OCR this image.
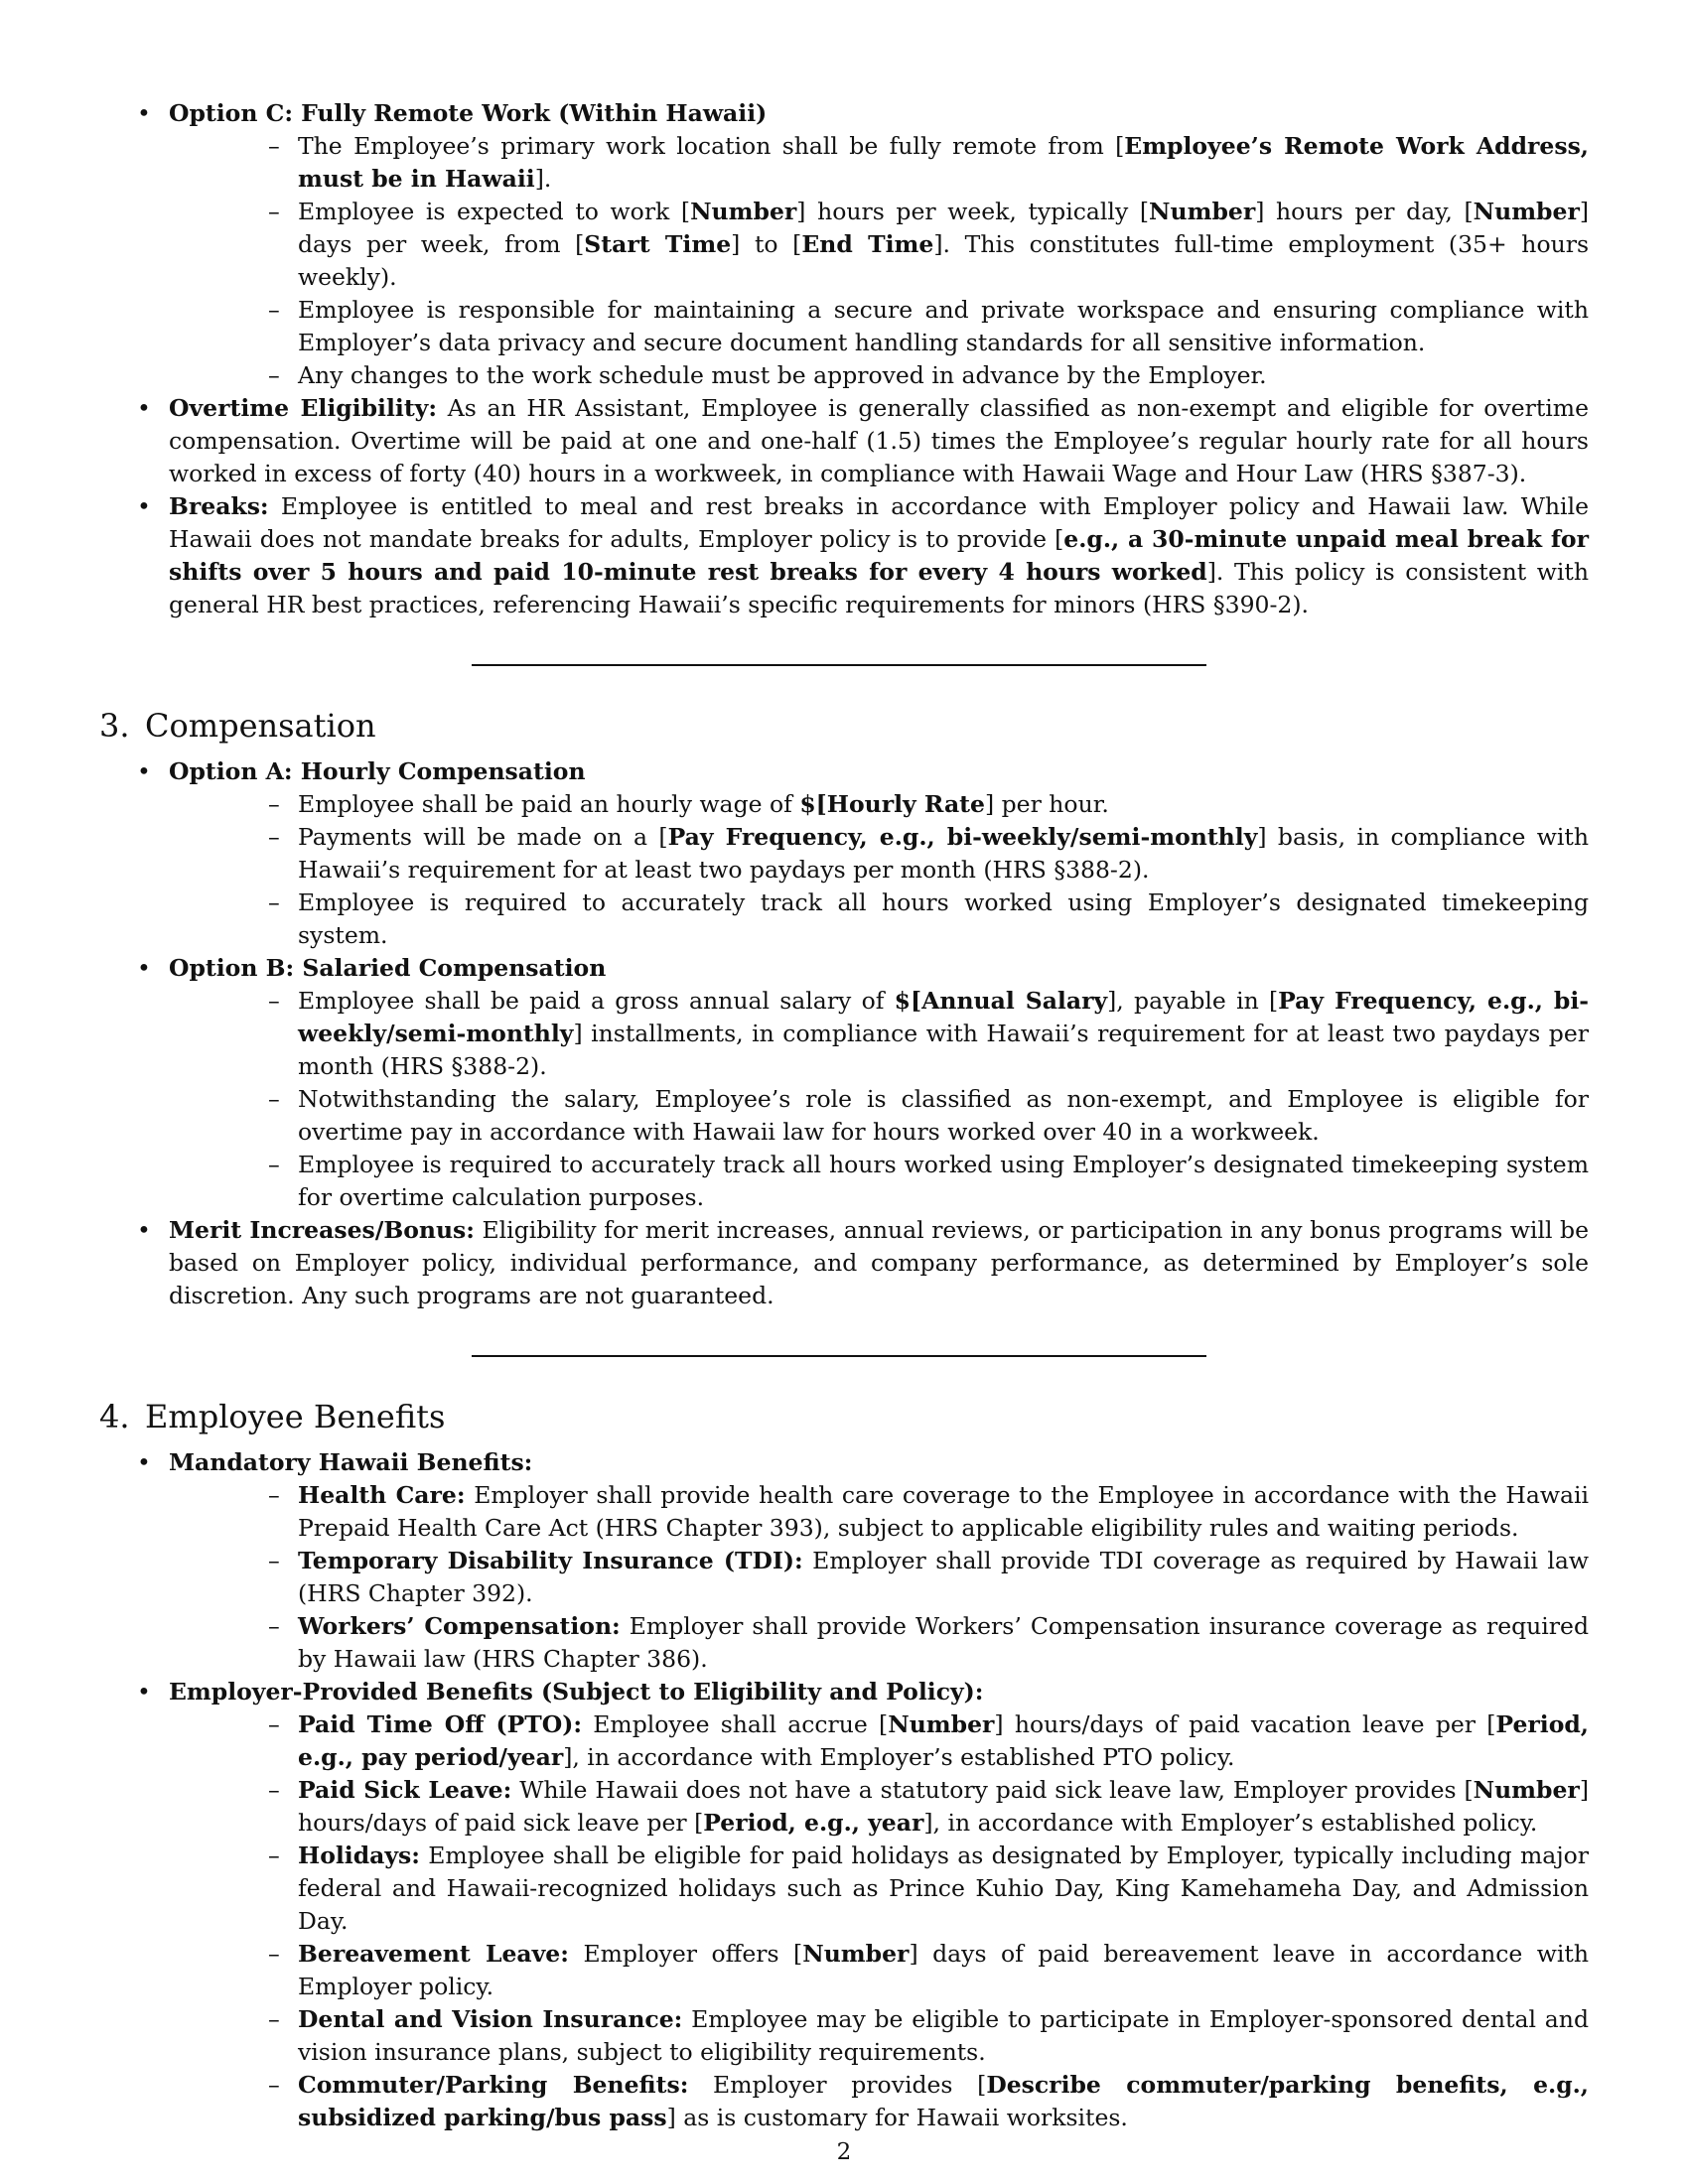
• Option C: Fully Remote Work (Within Hawaii)
– The Employee’s primary work location shall be fully remote from [Employee’s Remote Work Address, must be in Hawaii].
– Employee is expected to work [Number] hours per week, typically [Number] hours per day, [Number] days per week, from [Start Time] to [End Time]. This constitutes full-time employment (35+ hours weekly).
– Employee is responsible for maintaining a secure and private workspace and ensuring compliance with Employer’s data privacy and secure document handling standards for all sensitive information.
– Any changes to the work schedule must be approved in advance by the Employer.
• Overtime Eligibility: As an HR Assistant, Employee is generally classified as non-exempt and eligible for overtime compensation. Overtime will be paid at one and one-half (1.5) times the Employee’s regular hourly rate for all hours worked in excess of forty (40) hours in a workweek, in compliance with Hawaii Wage and Hour Law (HRS §387-3).
• Breaks: Employee is entitled to meal and rest breaks in accordance with Employer policy and Hawaii law. While Hawaii does not mandate breaks for adults, Employer policy is to provide [e.g., a 30-minute unpaid meal break for shifts over 5 hours and paid 10-minute rest breaks for every 4 hours worked]. This policy is consistent with general HR best practices, referencing Hawaii’s specific requirements for minors (HRS §390-2).
3. Compensation
• Option A: Hourly Compensation
– Employee shall be paid an hourly wage of $[Hourly Rate] per hour.
– Payments will be made on a [Pay Frequency, e.g., bi-weekly/semi-monthly] basis, in compliance with Hawaii’s requirement for at least two paydays per month (HRS §388-2).
– Employee is required to accurately track all hours worked using Employer’s designated timekeeping system.
• Option B: Salaried Compensation
– Employee shall be paid a gross annual salary of $[Annual Salary], payable in [Pay Frequency, e.g., bi-weekly/semi-monthly] installments, in compliance with Hawaii’s requirement for at least two paydays per month (HRS §388-2).
– Notwithstanding the salary, Employee’s role is classified as non-exempt, and Employee is eligible for overtime pay in accordance with Hawaii law for hours worked over 40 in a workweek.
– Employee is required to accurately track all hours worked using Employer’s designated timekeeping system for overtime calculation purposes.
• Merit Increases/Bonus: Eligibility for merit increases, annual reviews, or participation in any bonus programs will be based on Employer policy, individual performance, and company performance, as determined by Employer’s sole discretion. Any such programs are not guaranteed.
4. Employee Benefits
• Mandatory Hawaii Benefits:
– Health Care: Employer shall provide health care coverage to the Employee in accordance with the Hawaii Prepaid Health Care Act (HRS Chapter 393), subject to applicable eligibility rules and waiting periods.
– Temporary Disability Insurance (TDI): Employer shall provide TDI coverage as required by Hawaii law (HRS Chapter 392).
– Workers’ Compensation: Employer shall provide Workers’ Compensation insurance coverage as required by Hawaii law (HRS Chapter 386).
• Employer-Provided Benefits (Subject to Eligibility and Policy):
– Paid Time Off (PTO): Employee shall accrue [Number] hours/days of paid vacation leave per [Period, e.g., pay period/year], in accordance with Employer’s established PTO policy.
– Paid Sick Leave: While Hawaii does not have a statutory paid sick leave law, Employer provides [Number] hours/days of paid sick leave per [Period, e.g., year], in accordance with Employer’s established policy.
– Holidays: Employee shall be eligible for paid holidays as designated by Employer, typically including major federal and Hawaii-recognized holidays such as Prince Kuhio Day, King Kamehameha Day, and Admission Day.
– Bereavement Leave: Employer offers [Number] days of paid bereavement leave in accordance with Employer policy.
– Dental and Vision Insurance: Employee may be eligible to participate in Employer-sponsored dental and vision insurance plans, subject to eligibility requirements.
– Commuter/Parking Benefits: Employer provides [Describe commuter/parking benefits, e.g., subsidized parking/bus pass] as is customary for Hawaii worksites.
2
